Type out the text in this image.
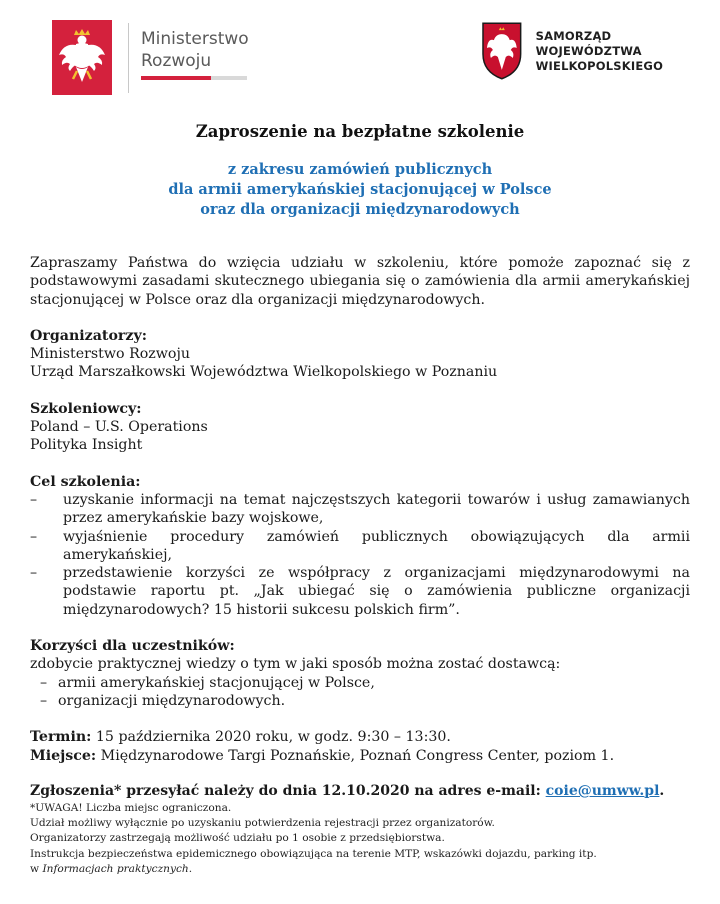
Ministerstwo
Rozwoju
SAMORZĄD WOJEWÓDZTWA
WIELKOPOLSKIEGO
Zaproszenie na bezpłatne szkolenie
z zakresu zamówień publicznych
dla armii amerykańskiej stacjonującej w Polsce
oraz dla organizacji międzynarodowych

Zapraszamy Państwa do wzięcia udziału w szkoleniu, które pomoże zapoznać się z podstawowymi zasadami skutecznego ubiegania się o zamówienia dla armii amerykańskiej stacjonującej w Polsce oraz dla organizacji międzynarodowych.

Organizatorzy:

Ministerstwo Rozwoju

Urząd Marszałkowski Województwa Wielkopolskiego w Poznaniu

Szkoleniowcy:

Poland – U.S. Operations

Polityka Insight

Cel szkolenia:

– uzyskanie informacji na temat najczęstszych kategorii towarów i usług zamawianych przez amerykańskie bazy wojskowe,
– wyjaśnienie procedury zamówień publicznych obowiązujących dla armii amerykańskiej,
– przedstawienie korzyści ze współpracy z organizacjami międzynarodowymi na podstawie raportu pt. „Jak ubiegać się o zamówienia publiczne organizacji międzynarodowych? 15 historii sukcesu polskich firm”.

Korzyści dla uczestników:

zdobycie praktycznej wiedzy o tym w jaki sposób można zostać dostawcą:

– armii amerykańskiej stacjonującej w Polsce,
– organizacji międzynarodowych.

Termin: 15 października 2020 roku, w godz. 9:30 – 13:30.

Miejsce: Międzynarodowe Targi Poznańskie, Poznań Congress Center, poziom 1.

Zgłoszenia* przesyłać należy do dnia 12.10.2020 na adres e-mail: coie@umww.pl.
*UWAGA! Liczba miejsc ograniczona.
Udział możliwy wyłącznie po uzyskaniu potwierdzenia rejestracji przez organizatorów.
Organizatorzy zastrzegają możliwość udziału po 1 osobie z przedsiębiorstwa.
Instrukcja bezpieczeństwa epidemicznego obowiązująca na terenie MTP, wskazówki dojazdu, parking itp.
w Informacjach praktycznych.
